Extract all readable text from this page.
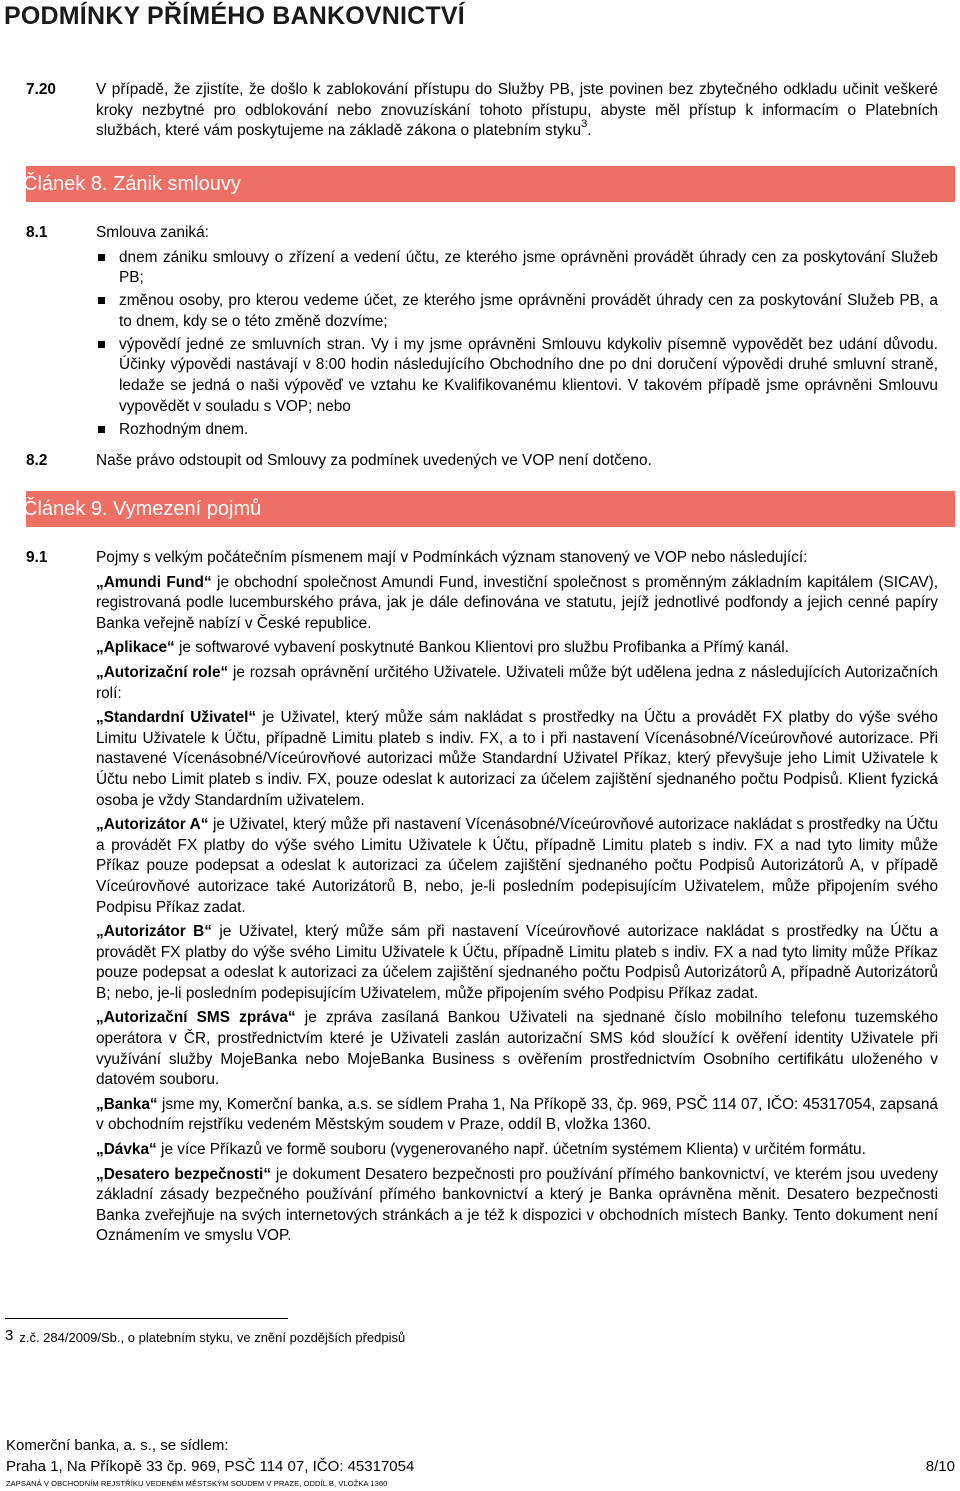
PODMÍNKY PŘÍMÉHO BANKOVNICTVÍ
7.20	V případě, že zjistíte, že došlo k zablokování přístupu do Služby PB, jste povinen bez zbytečného odkladu učinit veškeré kroky nezbytné pro odblokování nebo znovuzískání tohoto přístupu, abyste měl přístup k informacím o Platebních službách, které vám poskytujeme na základě zákona o platebním styku$^3$.
Článek 8. Zánik smlouvy
8.1	Smlouva zaniká:
dnem zániku smlouvy o zřízení a vedení účtu, ze kterého jsme oprávněni provádět úhrady cen za poskytování Služeb PB;
změnou osoby, pro kterou vedeme účet, ze kterého jsme oprávněni provádět úhrady cen za poskytování Služeb PB, a to dnem, kdy se o této změně dozvíme;
výpovědí jedné ze smluvních stran. Vy i my jsme oprávněni Smlouvu kdykoliv písemně vypovědět bez udání důvodu. Účinky výpovědi nastávají v 8:00 hodin následujícího Obchodního dne po dni doručení výpovědi druhé smluvní straně, ledaže se jedná o naši výpověď ve vztahu ke Kvalifikovanému klientovi. V takovém případě jsme oprávněni Smlouvu vypovědět v souladu s VOP; nebo
Rozhodným dnem.
8.2	Naše právo odstoupit od Smlouvy za podmínek uvedených ve VOP není dotčeno.
Článek 9. Vymezení pojmů
9.1	Pojmy s velkým počátečním písmenem mají v Podmínkách význam stanovený ve VOP nebo následující:
„Amundi Fund“ je obchodní společnost Amundi Fund, investiční společnost s proměnným základním kapitálem (SICAV), registrovaná podle lucemburského práva, jak je dále definována ve statutu, jejíž jednotlivé podfondy a jejich cenné papíry Banka veřejně nabízí v České republice.
„Aplikace“ je softwarové vybavení poskytnuté Bankou Klientovi pro službu Profibanka a Přímý kanál.
„Autorizační role“ je rozsah oprávnění určitého Uživatele. Uživateli může být udělena jedna z následujících Autorizačních rolí:
„Standardní Uživatel“ je Uživatel, který může sám nakládat s prostředky na Účtu a provádět FX platby do výše svého Limitu Uživatele k Účtu, případně Limitu plateb s indiv. FX, a to i při nastavení Vícenásobné/Víceúrovňové autorizace. Při nastavené Vícenásobné/Víceúrovňové autorizaci může Standardní Uživatel Příkaz, který převyšuje jeho Limit Uživatele k Účtu nebo Limit plateb s indiv. FX, pouze odeslat k autorizaci za účelem zajištění sjednaného počtu Podpisů. Klient fyzická osoba je vždy Standardním uživatelem.
„Autorizátor A“ je Uživatel, který může při nastavení Vícenásobné/Víceúrovňové autorizace nakládat s prostředky na Účtu a provádět FX platby do výše svého Limitu Uživatele k Účtu, případně Limitu plateb s indiv. FX a nad tyto limity může Příkaz pouze podepsat a odeslat k autorizaci za účelem zajištění sjednaného počtu Podpisů Autorizátorů A, v případě Víceúrovňové autorizace také Autorizátorů B, nebo, je-li posledním podepisujícím Uživatelem, může připojením svého Podpisu Příkaz zadat.
„Autorizátor B“ je Uživatel, který může sám při nastavení Víceúrovňové autorizace nakládat s prostředky na Účtu a provádět FX platby do výše svého Limitu Uživatele k Účtu, případně Limitu plateb s indiv. FX a nad tyto limity může Příkaz pouze podepsat a odeslat k autorizaci za účelem zajištění sjednaného počtu Podpisů Autorizátorů A, případně Autorizátorů B; nebo, je-li posledním podepisujícím Uživatelem, může připojením svého Podpisu Příkaz zadat.
„Autorizační SMS zpráva“ je zpráva zasílaná Bankou Uživateli na sjednané číslo mobilního telefonu tuzemského operátora v ČR, prostřednictvím které je Uživateli zaslán autorizační SMS kód sloužící k ověření identity Uživatele při využívání služby MojeBanka nebo MojeBanka Business s ověřením prostřednictvím Osobního certifikátu uloženého v datovém souboru.
„Banka“ jsme my, Komerční banka, a.s. se sídlem Praha 1, Na Příkopě 33, čp. 969, PSČ 114 07, IČO: 45317054, zapsaná v obchodním rejstříku vedeném Městským soudem v Praze, oddíl B, vložka 1360.
„Dávka“ je více Příkazů ve formě souboru (vygenerovaného např. účetním systémem Klienta) v určitém formátu.
„Desatero bezpečnosti“ je dokument Desatero bezpečnosti pro používání přímého bankovnictví, ve kterém jsou uvedeny základní zásady bezpečného používání přímého bankovnictví a který je Banka oprávněna měnit. Desatero bezpečnosti Banka zveřejňuje na svých internetových stránkách a je též k dispozici v obchodních místech Banky. Tento dokument není Oznámením ve smyslu VOP.
$^3$ z.č. 284/2009/Sb., o platebním styku, ve znění pozdějších předpisů
Komerční banka, a. s., se sídlem:
Praha 1, Na Příkopě 33 čp. 969, PSČ 114 07, IČO: 45317054	8/10
ZAPSANÁ V OBCHODNÍM REJSTŘÍKU VEDENÉM MĚSTSKÝM SOUDEM V PRAZE, ODDÍL B, VLOŽKA 1360
